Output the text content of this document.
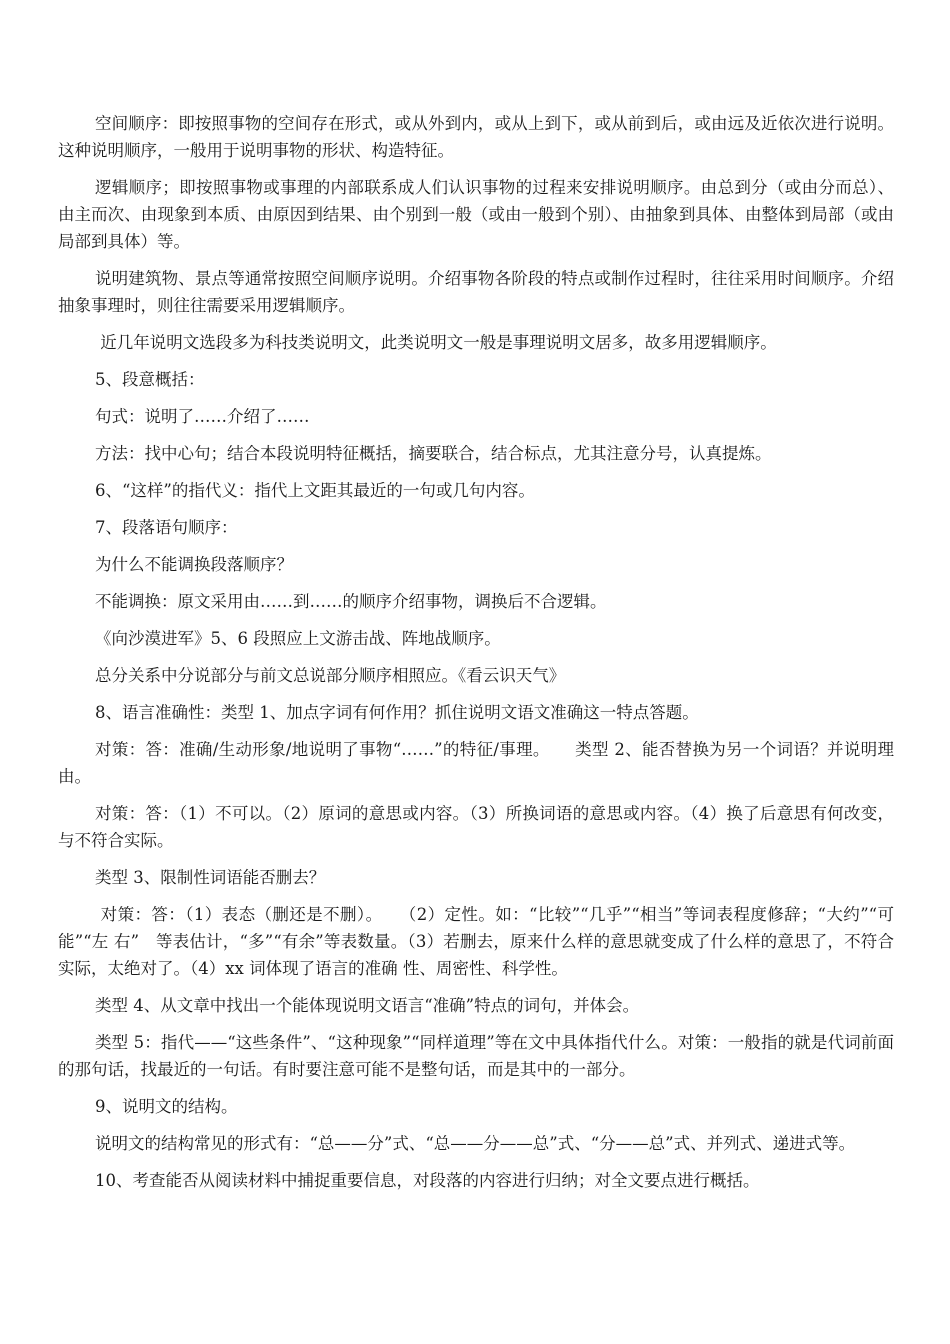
空间顺序：即按照事物的空间存在形式，或从外到内，或从上到下，或从前到后，或由远及近依次进行说明。这种说明顺序，一般用于说明事物的形状、构造特征。

逻辑顺序；即按照事物或事理的内部联系成人们认识事物的过程来安排说明顺序。由总到分（或由分而总）、由主而次、由现象到本质、由原因到结果、由个别到一般（或由一般到个别）、由抽象到具体、由整体到局部（或由局部到具体）等。

说明建筑物、景点等通常按照空间顺序说明。介绍事物各阶段的特点或制作过程时，往往采用时间顺序。介绍抽象事理时，则往往需要采用逻辑顺序。

近几年说明文选段多为科技类说明文，此类说明文一般是事理说明文居多，故多用逻辑顺序。

5、段意概括：

句式：说明了……介绍了……

方法：找中心句；结合本段说明特征概括，摘要联合，结合标点，尤其注意分号，认真提炼。

6、“这样”的指代义：指代上文距其最近的一句或几句内容。

7、段落语句顺序：

为什么不能调换段落顺序？

不能调换：原文采用由……到……的顺序介绍事物，调换后不合逻辑。

《向沙漠进军》5、6 段照应上文游击战、阵地战顺序。

总分关系中分说部分与前文总说部分顺序相照应。《看云识天气》

8、语言准确性：类型 1、加点字词有何作用？抓住说明文语文准确这一特点答题。

对策：答：准确/生动形象/地说明了事物“……”的特征/事理。　　类型 2、能否替换为另一个词语？并说明理由。

对策：答：（1）不可以。（2）原词的意思或内容。（3）所换词语的意思或内容。（4）换了后意思有何改变，与不符合实际。

类型 3、限制性词语能否删去？

对策：答：（1）表态（删还是不删）。　　（2）定性。如：“比较”“几乎”“相当”等词表程度修辞；“大约”“可能”“左 右”　等表估计，“多”“有余”等表数量。（3）若删去，原来什么样的意思就变成了什么样的意思了，不符合实际，太绝对了。（4）xx 词体现了语言的准确 性、周密性、科学性。

类型 4、从文章中找出一个能体现说明文语言“准确”特点的词句，并体会。

类型 5：指代——“这些条件”、“这种现象”“同样道理”等在文中具体指代什么。对策：一般指的就是代词前面的那句话，找最近的一句话。有时要注意可能不是整句话，而是其中的一部分。

9、说明文的结构。

说明文的结构常见的形式有：“总——分”式、“总——分——总”式、“分——总”式、并列式、递进式等。

10、考查能否从阅读材料中捕捉重要信息，对段落的内容进行归纳；对全文要点进行概括。
